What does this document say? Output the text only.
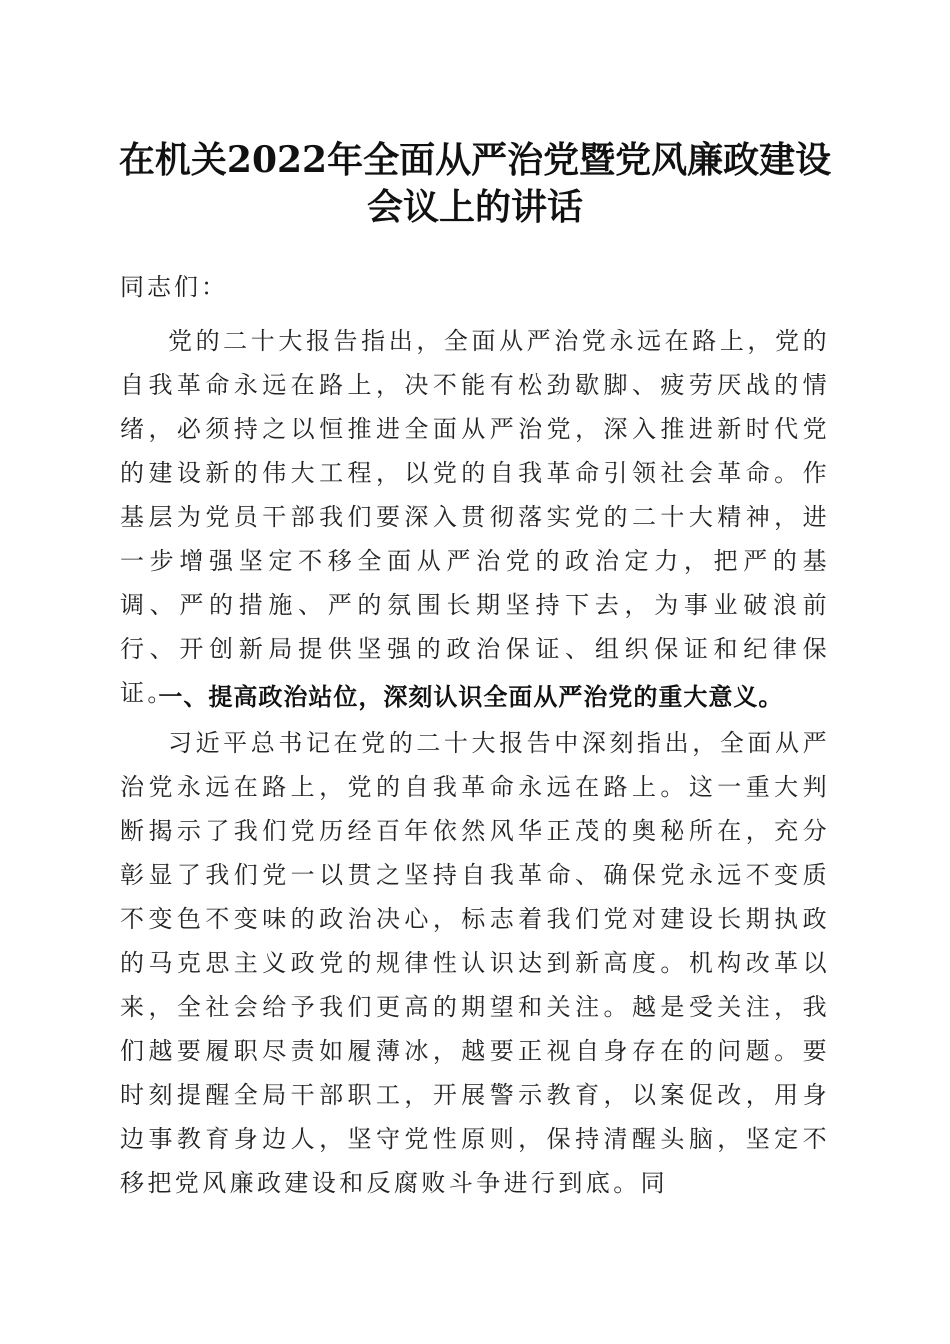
在机关2022年全面从严治党暨党风廉政建设
会议上的讲话
同志们：
党的二十大报告指出，全面从严治党永远在路上，党的自我革命永远在路上，决不能有松劲歇脚、疲劳厌战的情绪，必须持之以恒推进全面从严治党，深入推进新时代党的建设新的伟大工程，以党的自我革命引领社会革命。作基层为党员干部我们要深入贯彻落实党的二十大精神，进一步增强坚定不移全面从严治党的政治定力，把严的基调、严的措施、严的氛围长期坚持下去，为事业破浪前行、开创新局提供坚强的政治保证、组织保证和纪律保证。
一、提高政治站位，深刻认识全面从严治党的重大意义。
习近平总书记在党的二十大报告中深刻指出，全面从严治党永远在路上，党的自我革命永远在路上。这一重大判断揭示了我们党历经百年依然风华正茂的奥秘所在，充分彰显了我们党一以贯之坚持自我革命、确保党永远不变质不变色不变味的政治决心，标志着我们党对建设长期执政的马克思主义政党的规律性认识达到新高度。机构改革以来，全社会给予我们更高的期望和关注。越是受关注，我们越要履职尽责如履薄冰，越要正视自身存在的问题。要时刻提醒全局干部职工，开展警示教育，以案促改，用身边事教育身边人，坚守党性原则，保持清醒头脑，坚定不移把党风廉政建设和反腐败斗争进行到底。同
